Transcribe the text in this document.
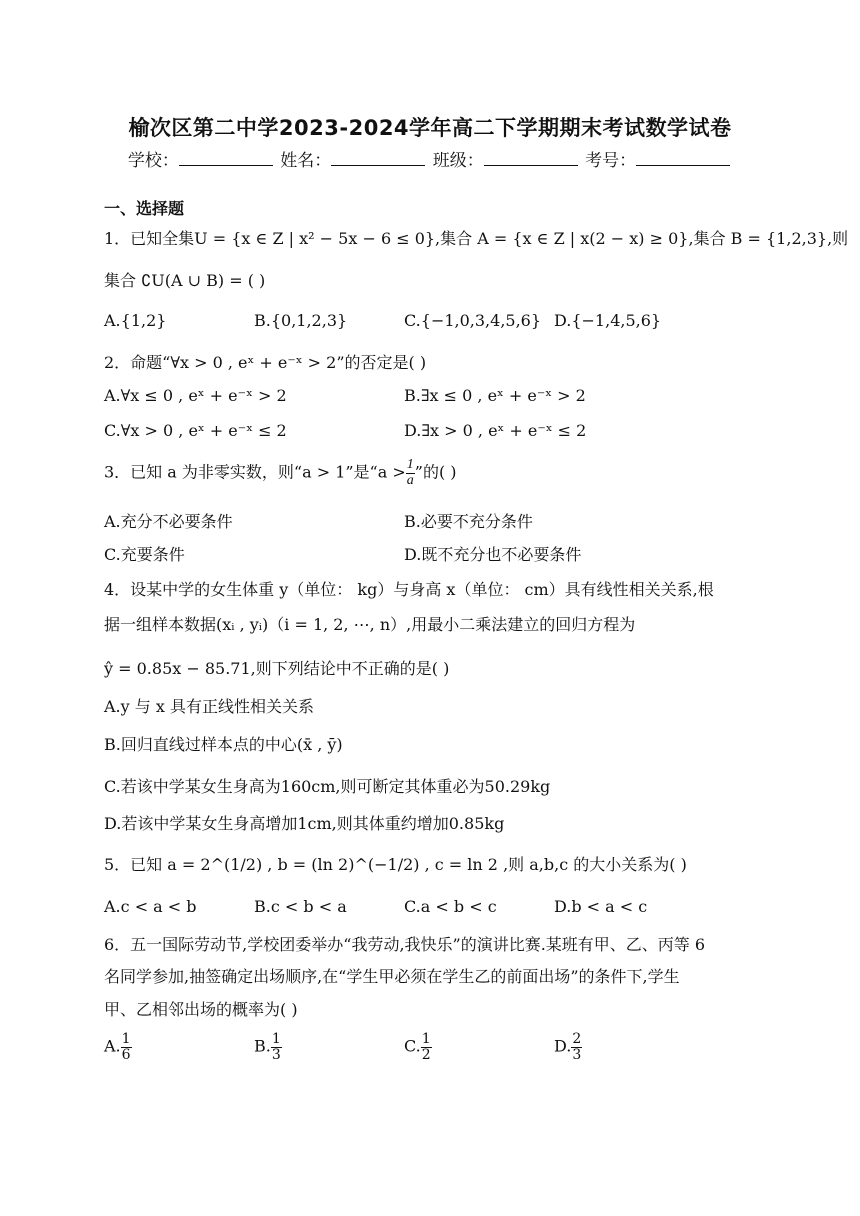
榆次区第二中学2023-2024学年高二下学期期末考试数学试卷
学校：	姓名：	班级：	考号：
一、选择题
1．已知全集U = {x ∈ Z | x² − 5x − 6 ≤ 0},集合 A = {x ∈ Z | x(2 − x) ≥ 0},集合 B = {1,2,3},则
集合 ∁U(A ∪ B) = ( )
A.{1,2}	B.{0,1,2,3}	C.{−1,0,3,4,5,6} D.{−1,4,5,6}
2．命题“∀x > 0 , eˣ + e⁻ˣ > 2”的否定是( )
A.∀x ≤ 0 , eˣ + e⁻ˣ > 2	B.∃x ≤ 0 , eˣ + e⁻ˣ > 2
C.∀x > 0 , eˣ + e⁻ˣ ≤ 2	D.∃x > 0 , eˣ + e⁻ˣ ≤ 2
3．已知 a 为非零实数，则“a > 1”是“$a > \frac{1}{a}$ ”的( )
A.充分不必要条件	B.必要不充分条件
C.充要条件	D.既不充分也不必要条件
4．设某中学的女生体重 y（单位： kg）与身高 x（单位： cm）具有线性相关关系,根
据一组样本数据(xᵢ , yᵢ)（i = 1, 2, ⋯, n）,用最小二乘法建立的回归方程为
ŷ = 0.85x − 85.71,则下列结论中不正确的是( )
A.y 与 x 具有正线性相关关系
B.回归直线过样本点的中心(x̄ , ȳ)
C.若该中学某女生身高为160cm,则可断定其体重必为50.29kg
D.若该中学某女生身高增加1cm,则其体重约增加0.85kg
5．已知 a = 2^(1/2) , b = (ln 2)^(−1/2) , c = ln 2 ,则 a,b,c 的大小关系为( )
A.c < a < b	B.c < b < a	C.a < b < c	D.b < a < c
6．五一国际劳动节,学校团委举办“我劳动,我快乐”的演讲比赛.某班有甲、乙、丙等 6
名同学参加,抽签确定出场顺序,在“学生甲必须在学生乙的前面出场”的条件下,学生
甲、乙相邻出场的概率为( )
A. $\frac{1}{6}$	B. $\frac{1}{3}$	C. $\frac{1}{2}$	D. $\frac{2}{3}$
